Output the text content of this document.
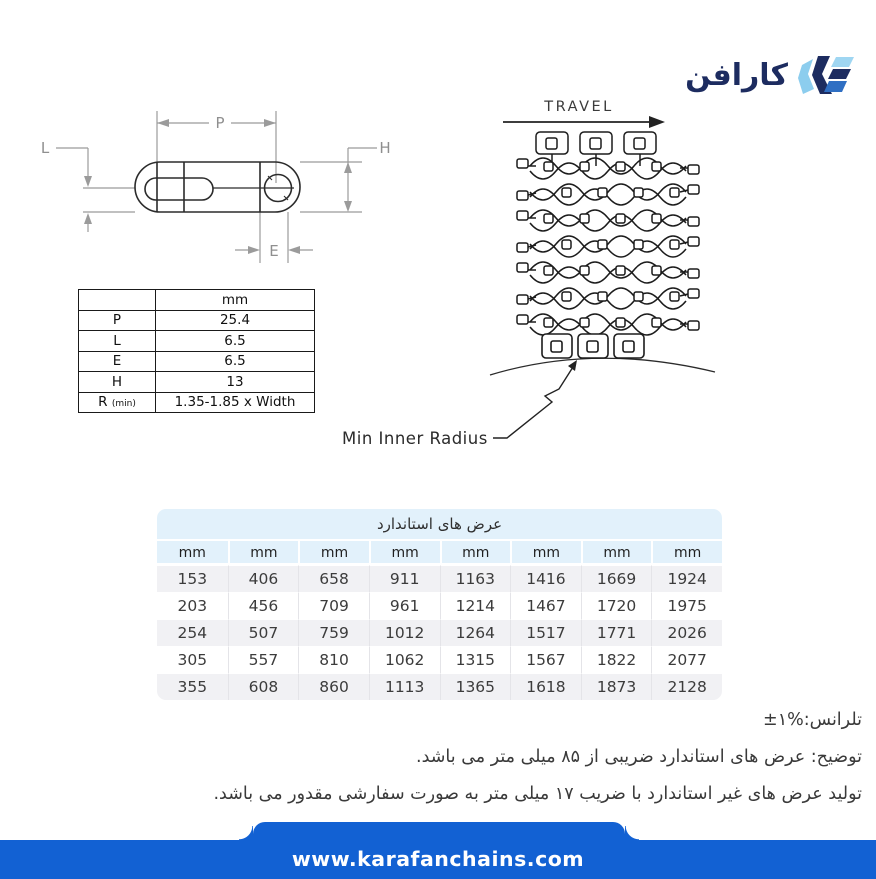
کارافن
P
L	H
E
	mm
P	25.4
L	6.5
E	6.5
H	13
R (min)	1.35-1.85 x Width
TRAVEL
Min Inner Radius
عرض های استاندارد
mm	mm	mm	mm	mm	mm	mm	mm
153	406	658	911	1163	1416	1669	1924
203	456	709	961	1214	1467	1720	1975
254	507	759	1012	1264	1517	1771	2026
305	557	810	1062	1315	1567	1822	2077
355	608	860	1113	1365	1618	1873	2128
تلرانس:±۱%
توضیح: عرض های استاندارد ضریبی از ۸۵ میلی متر می باشد.
تولید عرض های غیر استاندارد با ضریب ۱۷ میلی متر به صورت سفارشی مقدور می باشد.
www.karafanchains.com
